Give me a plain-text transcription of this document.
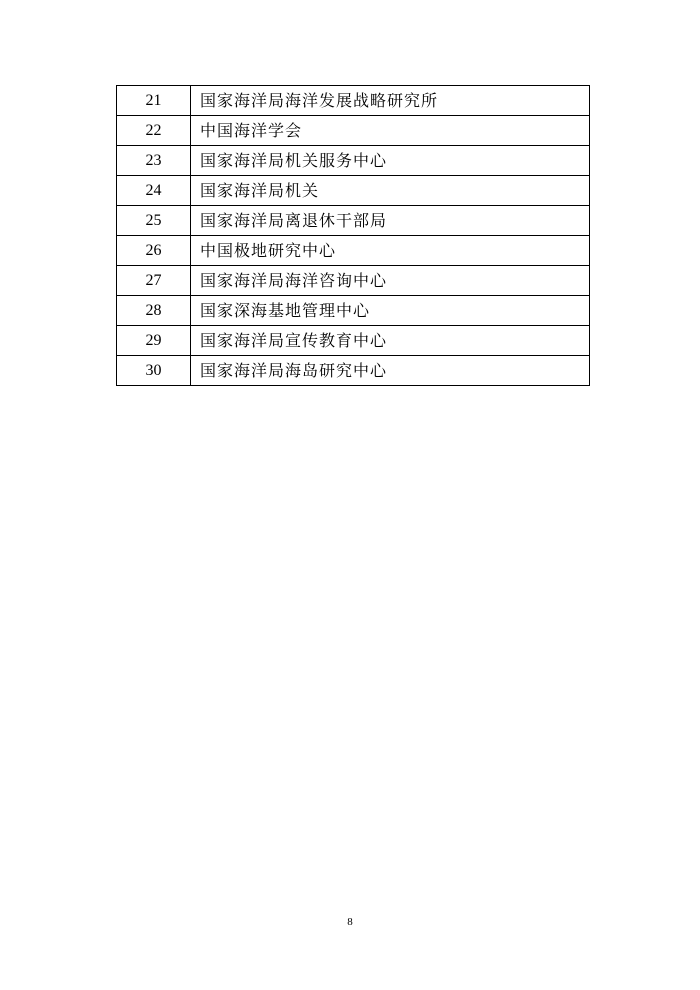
21	国家海洋局海洋发展战略研究所
22	中国海洋学会
23	国家海洋局机关服务中心
24	国家海洋局机关
25	国家海洋局离退休干部局
26	中国极地研究中心
27	国家海洋局海洋咨询中心
28	国家深海基地管理中心
29	国家海洋局宣传教育中心
30	国家海洋局海岛研究中心
8
